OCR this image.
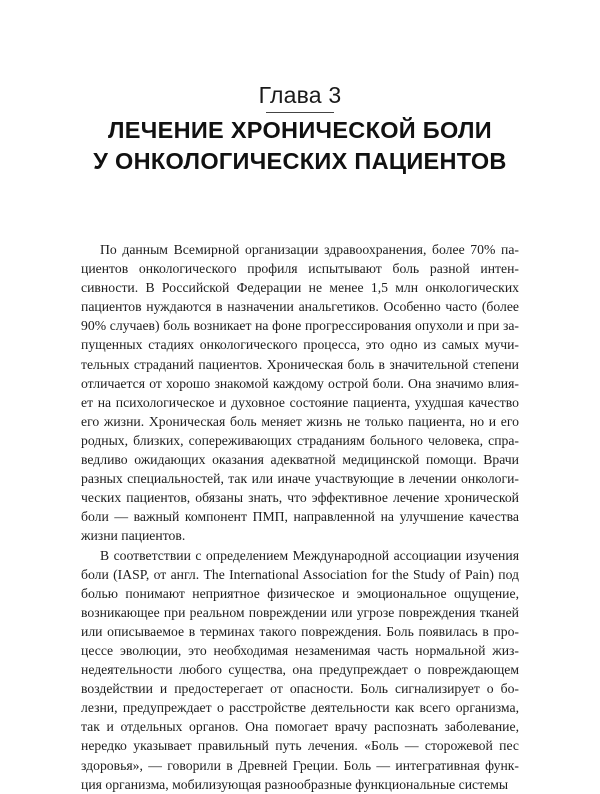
Глава 3
ЛЕЧЕНИЕ ХРОНИЧЕСКОЙ БОЛИ
У ОНКОЛОГИЧЕСКИХ ПАЦИЕНТОВ
По данным Всемирной организации здравоохранения, более 70% па-
циентов онкологического профиля испытывают боль разной интен-
сивности. В Российской Федерации не менее 1,5 млн онкологических
пациентов нуждаются в назначении анальгетиков. Особенно часто (более
90% случаев) боль возникает на фоне прогрессирования опухоли и при за-
пущенных стадиях онкологического процесса, это одно из самых мучи-
тельных страданий пациентов. Хроническая боль в значительной степени
отличается от хорошо знакомой каждому острой боли. Она значимо влия-
ет на психологическое и духовное состояние пациента, ухудшая качество
его жизни. Хроническая боль меняет жизнь не только пациента, но и его
родных, близких, сопереживающих страданиям больного человека, спра-
ведливо ожидающих оказания адекватной медицинской помощи. Врачи
разных специальностей, так или иначе участвующие в лечении онкологи-
ческих пациентов, обязаны знать, что эффективное лечение хронической
боли — важный компонент ПМП, направленной на улучшение качества
жизни пациентов.
В соответствии с определением Международной ассоциации изучения
боли (IASP, от англ. The International Association for the Study of Pain) под
болью понимают неприятное физическое и эмоциональное ощущение,
возникающее при реальном повреждении или угрозе повреждения тканей
или описываемое в терминах такого повреждения. Боль появилась в про-
цессе эволюции, это необходимая незаменимая часть нормальной жиз-
недеятельности любого существа, она предупреждает о повреждающем
воздействии и предостерегает от опасности. Боль сигнализирует о бо-
лезни, предупреждает о расстройстве деятельности как всего организма,
так и отдельных органов. Она помогает врачу распознать заболевание,
нередко указывает правильный путь лечения. «Боль — сторожевой пес
здоровья», — говорили в Древней Греции. Боль — интегративная функ-
ция организма, мобилизующая разнообразные функциональные системы
